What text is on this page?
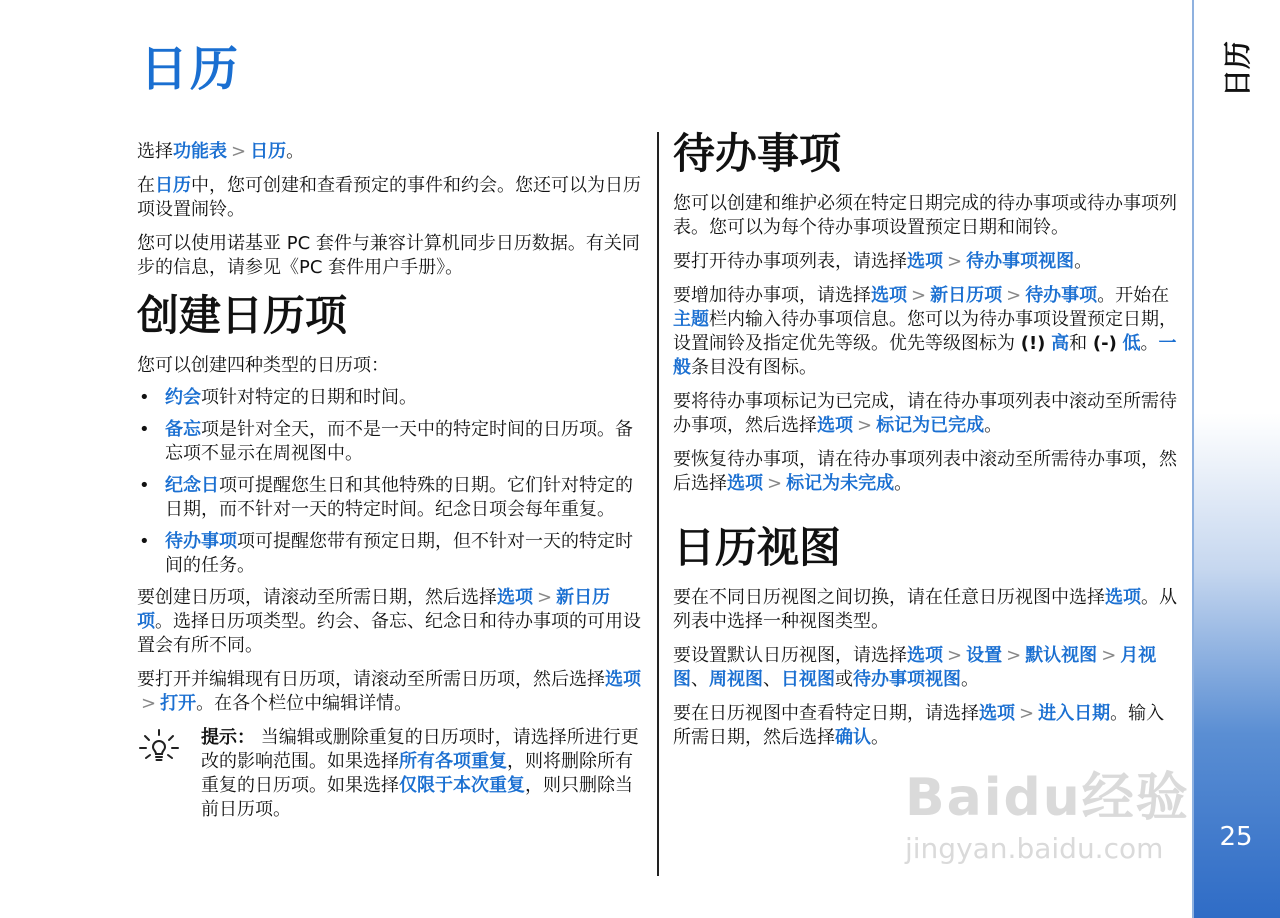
日历
25
日历

选择功能表 > 日历。

在日历中，您可创建和查看预定的事件和约会。您还可以为日历项设置闹铃。

您可以使用诺基亚 PC 套件与兼容计算机同步日历数据。有关同步的信息，请参见《PC 套件用户手册》。

创建日历项

您可以创建四种类型的日历项：

• 约会项针对特定的日期和时间。
• 备忘项是针对全天，而不是一天中的特定时间的日历项。备忘项不显示在周视图中。
• 纪念日项可提醒您生日和其他特殊的日期。它们针对特定的日期，而不针对一天的特定时间。纪念日项会每年重复。
• 待办事项项可提醒您带有预定日期，但不针对一天的特定时间的任务。

要创建日历项，请滚动至所需日期，然后选择选项 > 新日历项。选择日历项类型。约会、备忘、纪念日和待办事项的可用设置会有所不同。

要打开并编辑现有日历项，请滚动至所需日历项，然后选择选项> 打开。在各个栏位中编辑详情。

提示： 当编辑或删除重复的日历项时，请选择所进行更改的影响范围。如果选择所有各项重复，则将删除所有重复的日历项。如果选择仅限于本次重复，则只删除当前日历项。
待办事项

您可以创建和维护必须在特定日期完成的待办事项或待办事项列表。您可以为每个待办事项设置预定日期和闹铃。

要打开待办事项列表，请选择选项 > 待办事项视图。

要增加待办事项，请选择选项 > 新日历项 > 待办事项。开始在主题栏内输入待办事项信息。您可以为待办事项设置预定日期，设置闹铃及指定优先等级。优先等级图标为 (!) 高和 (-) 低。一般条目没有图标。

要将待办事项标记为已完成，请在待办事项列表中滚动至所需待办事项，然后选择选项 > 标记为已完成。

要恢复待办事项，请在待办事项列表中滚动至所需待办事项，然后选择选项 > 标记为未完成。

日历视图

要在不同日历视图之间切换，请在任意日历视图中选择选项。从列表中选择一种视图类型。

要设置默认日历视图，请选择选项 > 设置 > 默认视图 > 月视图、周视图、日视图或待办事项视图。

要在日历视图中查看特定日期，请选择选项 > 进入日期。输入所需日期，然后选择确认。

Baidu经验
jingyan.baidu.com
